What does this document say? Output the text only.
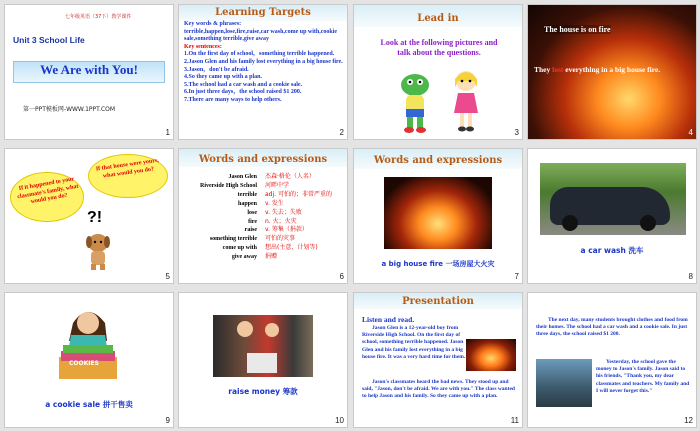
七年级英语（37下）教学课件
Unit 3 School Life
We Are with You!
第一PPT模板网-WWW.1PPT.COM
1
Learning Targets
Key words & phrases:
terrible,happen,lose,fire,raise,car wash,come up with,cookie sale,something terrible,give away
Key sentences:
1.On the first day of school，something terrible happened.
2.Jason Glen and his family lost everything in a big house fire.
3.Jason，don't be afraid.
4.So they came up with a plan.
5.The school had a car wash and a cookie sale.
6.In just three days，the school raised $1 200.
7.There are many ways to help others.
2
Lead in
Look at the following pictures and talk about the questions.
3
The house is on fire
They lost everything in a big house fire.
4
If it happened to your classmate's family, what would you do?
If that house were yours, what would you do?
?!
5
Words and expressions
Jason Glen 杰森·格伦（人名）
Riverside High School 河畔中学
terrible adj. 可怕的；非常严重的
happen v. 发生
lose v. 失去；失败
fire n. 火；火灾
raise v. 筹集（捐款）
something terrible 可怕的灾事
come up with 想出(主意，计划等)
give away 捐赠
6
Words and expressions
a big house fire 一场房屋大火灾
7
a car wash 洗车
8
COOKIES
a cookie sale 拼干售卖
9
raise money 筹款
10
Presentation
Listen and read.
Jason Glen is a 12-year-old boy from Riverside High School. On the first day of school, something terrible happened. Jason Glen and his family lost everything in a big house fire. It was a very hard time for them.
Jason's classmates heard the bad news. They stood up and said, "Jason, don't be afraid. We are with you." The class wanted to help Jason and his family. So they came up with a plan.
11
The next day, many students brought clothes and food from their homes. The school had a car wash and a cookie sale. In just three days, the school raised $1 200.
Yesterday, the school gave the money to Jason's family. Jason said to his friends, "Thank you, my dear classmates and teachers. My family and I will never forget this."
12
